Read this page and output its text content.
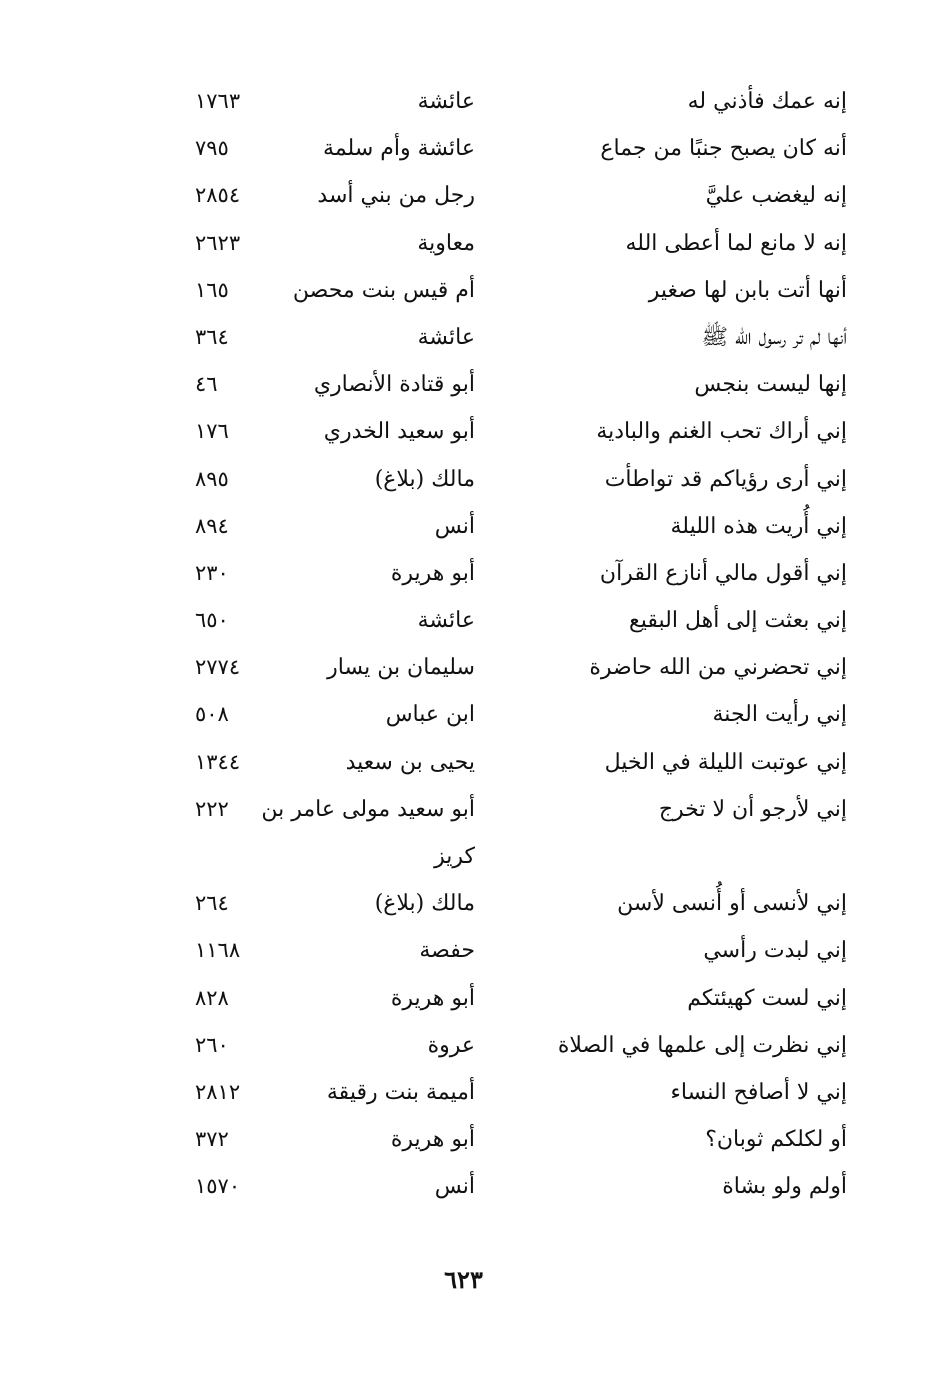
إنه عمك فأذني له
عائشة
١٧٦٣
أنه كان يصبح جنبًا من جماع
عائشة وأم سلمة
٧٩٥
إنه ليغضب عليَّ
رجل من بني أسد
٢٨٥٤
إنه لا مانع لما أعطى الله
معاوية
٢٦٢٣
أنها أتت بابن لها صغير
أم قيس بنت محصن
١٦٥
أنها لم تر رسول الله ﷺ
عائشة
٣٦٤
إنها ليست بنجس
أبو قتادة الأنصاري
٤٦
إني أراك تحب الغنم والبادية
أبو سعيد الخدري
١٧٦
إني أرى رؤياكم قد تواطأت
مالك (بلاغ)
٨٩٥
إني أُريت هذه الليلة
أنس
٨٩٤
إني أقول مالي أنازع القرآن
أبو هريرة
٢٣٠
إني بعثت إلى أهل البقيع
عائشة
٦٥٠
إني تحضرني من الله حاضرة
سليمان بن يسار
٢٧٧٤
إني رأيت الجنة
ابن عباس
٥٠٨
إني عوتبت الليلة في الخيل
يحيى بن سعيد
١٣٤٤
إني لأرجو أن لا تخرج
أبو سعيد مولى عامر بن
٢٢٢
كريز
إني لأنسى أو أُنسى لأسن
مالك (بلاغ)
٢٦٤
إني لبدت رأسي
حفصة
١١٦٨
إني لست كهيئتكم
أبو هريرة
٨٢٨
إني نظرت إلى علمها في الصلاة
عروة
٢٦٠
إني لا أصافح النساء
أميمة بنت رقيقة
٢٨١٢
أو لكلكم ثوبان؟
أبو هريرة
٣٧٢
أولم ولو بشاة
أنس
١٥٧٠
٦٢٣
